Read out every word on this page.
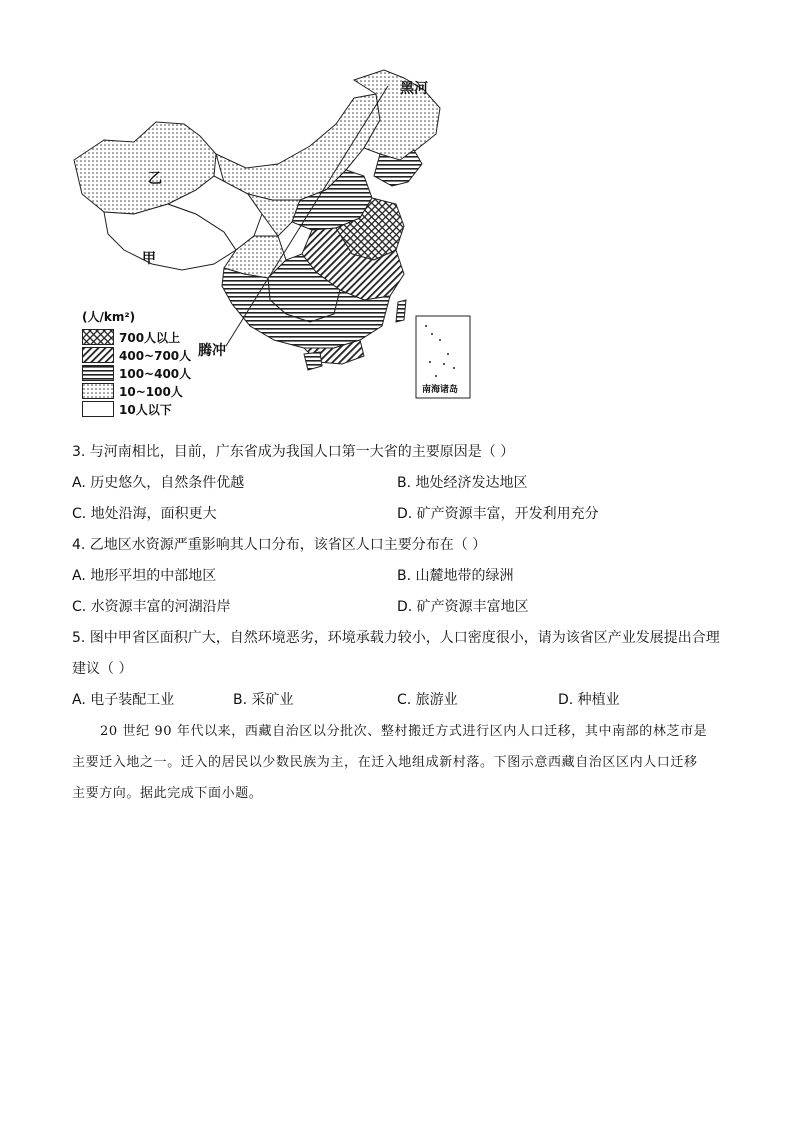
黑河
乙
甲
腾冲
南海诸岛
(人/km²)
700人以上
400~700人
100~400人
10~100人
10人以下
3. 与河南相比，目前，广东省成为我国人口第一大省的主要原因是（ ）
A. 历史悠久，自然条件优越	B. 地处经济发达地区
C. 地处沿海，面积更大	D. 矿产资源丰富，开发利用充分
4. 乙地区水资源严重影响其人口分布，该省区人口主要分布在（ ）
A. 地形平坦的中部地区	B. 山麓地带的绿洲
C. 水资源丰富的河湖沿岸	D. 矿产资源丰富地区
5. 图中甲省区面积广大，自然环境恶劣，环境承载力较小，人口密度很小，请为该省区产业发展提出合理
建议（ ）
A. 电子装配工业	B. 采矿业	C. 旅游业	D. 种植业
20 世纪 90 年代以来，西藏自治区以分批次、整村搬迁方式进行区内人口迁移，其中南部的林芝市是
主要迁入地之一。迁入的居民以少数民族为主，在迁入地组成新村落。下图示意西藏自治区区内人口迁移
主要方向。据此完成下面小题。
